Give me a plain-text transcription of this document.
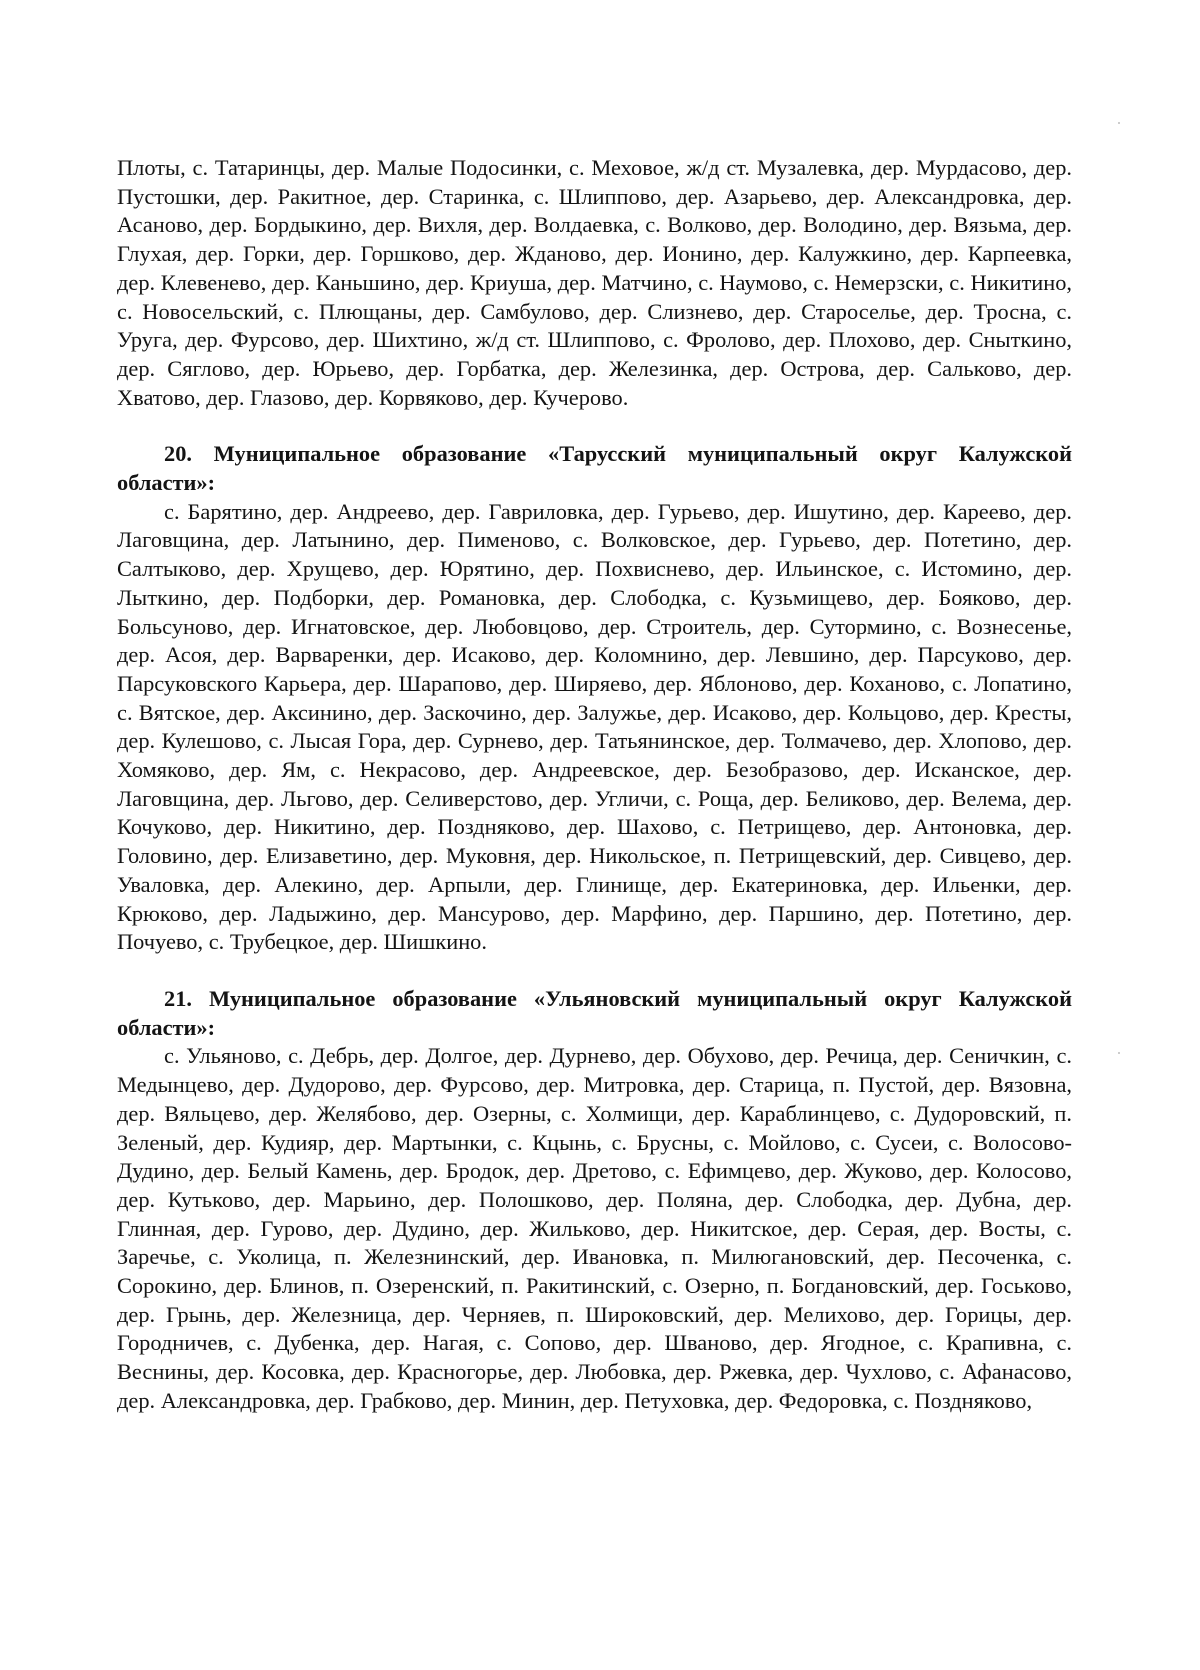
Плоты, с. Татаринцы, дер. Малые Подосинки, с. Меховое, ж/д ст. Музалевка, дер. Мурдасово, дер. Пустошки, дер. Ракитное, дер. Старинка, с. Шлиппово, дер. Азарьево, дер. Александровка, дер. Асаново, дер. Бордыкино, дер. Вихля, дер. Волдаевка, с. Волково, дер. Володино, дер. Вязьма, дер. Глухая, дер. Горки, дер. Горшково, дер. Жданово, дер. Ионино, дер. Калужкино, дер. Карпеевка, дер. Клевенево, дер. Каньшино, дер. Криуша, дер. Матчино, с. Наумово, с. Немерзски, с. Никитино, с. Новосельский, с. Плющаны, дер. Самбулово, дер. Слизнево, дер. Староселье, дер. Тросна, с. Уруга, дер. Фурсово, дер. Шихтино, ж/д ст. Шлиппово, с. Фролово, дер. Плохово, дер. Сныткино, дер. Сяглово, дер. Юрьево, дер. Горбатка, дер. Железинка, дер. Острова, дер. Сальково, дер. Хватово, дер. Глазово, дер. Корвяково, дер. Кучерово.

20. Муниципальное образование «Тарусский муниципальный округ Калужской области»:

с. Барятино, дер. Андреево, дер. Гавриловка, дер. Гурьево, дер. Ишутино, дер. Кареево, дер. Лаговщина, дер. Латынино, дер. Пименово, с. Волковское, дер. Гурьево, дер. Потетино, дер. Салтыково, дер. Хрущево, дер. Юрятино, дер. Похвиснево, дер. Ильинское, с. Истомино, дер. Лыткино, дер. Подборки, дер. Романовка, дер. Слободка, с. Кузьмищево, дер. Бояково, дер. Больсуново, дер. Игнатовское, дер. Любовцово, дер. Строитель, дер. Сутормино, с. Вознесенье, дер. Асоя, дер. Варваренки, дер. Исаково, дер. Коломнино, дер. Левшино, дер. Парсуково, дер. Парсуковского Карьера, дер. Шарапово, дер. Ширяево, дер. Яблоново, дер. Коханово, с. Лопатино, с. Вятское, дер. Аксинино, дер. Заскочино, дер. Залужье, дер. Исаково, дер. Кольцово, дер. Кресты, дер. Кулешово, с. Лысая Гора, дер. Сурнево, дер. Татьянинское, дер. Толмачево, дер. Хлопово, дер. Хомяково, дер. Ям, с. Некрасово, дер. Андреевское, дер. Безобразово, дер. Исканское, дер. Лаговщина, дер. Льгово, дер. Селиверстово, дер. Угличи, с. Роща, дер. Беликово, дер. Велема, дер. Кочуково, дер. Никитино, дер. Поздняково, дер. Шахово, с. Петрищево, дер. Антоновка, дер. Головино, дер. Елизаветино, дер. Муковня, дер. Никольское, п. Петрищевский, дер. Сивцево, дер. Уваловка, дер. Алекино, дер. Арпыли, дер. Глинище, дер. Екатериновка, дер. Ильенки, дер. Крюково, дер. Ладыжино, дер. Мансурово, дер. Марфино, дер. Паршино, дер. Потетино, дер. Почуево, с. Трубецкое, дер. Шишкино.

21. Муниципальное образование «Ульяновский муниципальный округ Калужской области»:

с. Ульяново, с. Дебрь, дер. Долгое, дер. Дурнево, дер. Обухово, дер. Речица, дер. Сеничкин, с. Медынцево, дер. Дудорово, дер. Фурсово, дер. Митровка, дер. Старица, п. Пустой, дер. Вязовна, дер. Вяльцево, дер. Желябово, дер. Озерны, с. Холмищи, дер. Караблинцево, с. Дудоровский, п. Зеленый, дер. Кудияр, дер. Мартынки, с. Кцынь, с. Брусны, с. Мойлово, с. Сусеи, с. Волосово-Дудино, дер. Белый Камень, дер. Бродок, дер. Дретово, с. Ефимцево, дер. Жуково, дер. Колосово, дер. Кутьково, дер. Марьино, дер. Полошково, дер. Поляна, дер. Слободка, дер. Дубна, дер. Глинная, дер. Гурово, дер. Дудино, дер. Жильково, дер. Никитское, дер. Серая, дер. Восты, с. Заречье, с. Уколица, п. Железнинский, дер. Ивановка, п. Милюгановский, дер. Песоченка, с. Сорокино, дер. Блинов, п. Озеренский, п. Ракитинский, с. Озерно, п. Богдановский, дер. Госьково, дер. Грынь, дер. Железница, дер. Черняев, п. Широковский, дер. Мелихово, дер. Горицы, дер. Городничев, с. Дубенка, дер. Нагая, с. Сопово, дер. Шваново, дер. Ягодное, с. Крапивна, с. Веснины, дер. Косовка, дер. Красногорье, дер. Любовка, дер. Ржевка, дер. Чухлово, с. Афанасово, дер. Александровка, дер. Грабково, дер. Минин, дер. Петуховка, дер. Федоровка, с. Поздняково,
